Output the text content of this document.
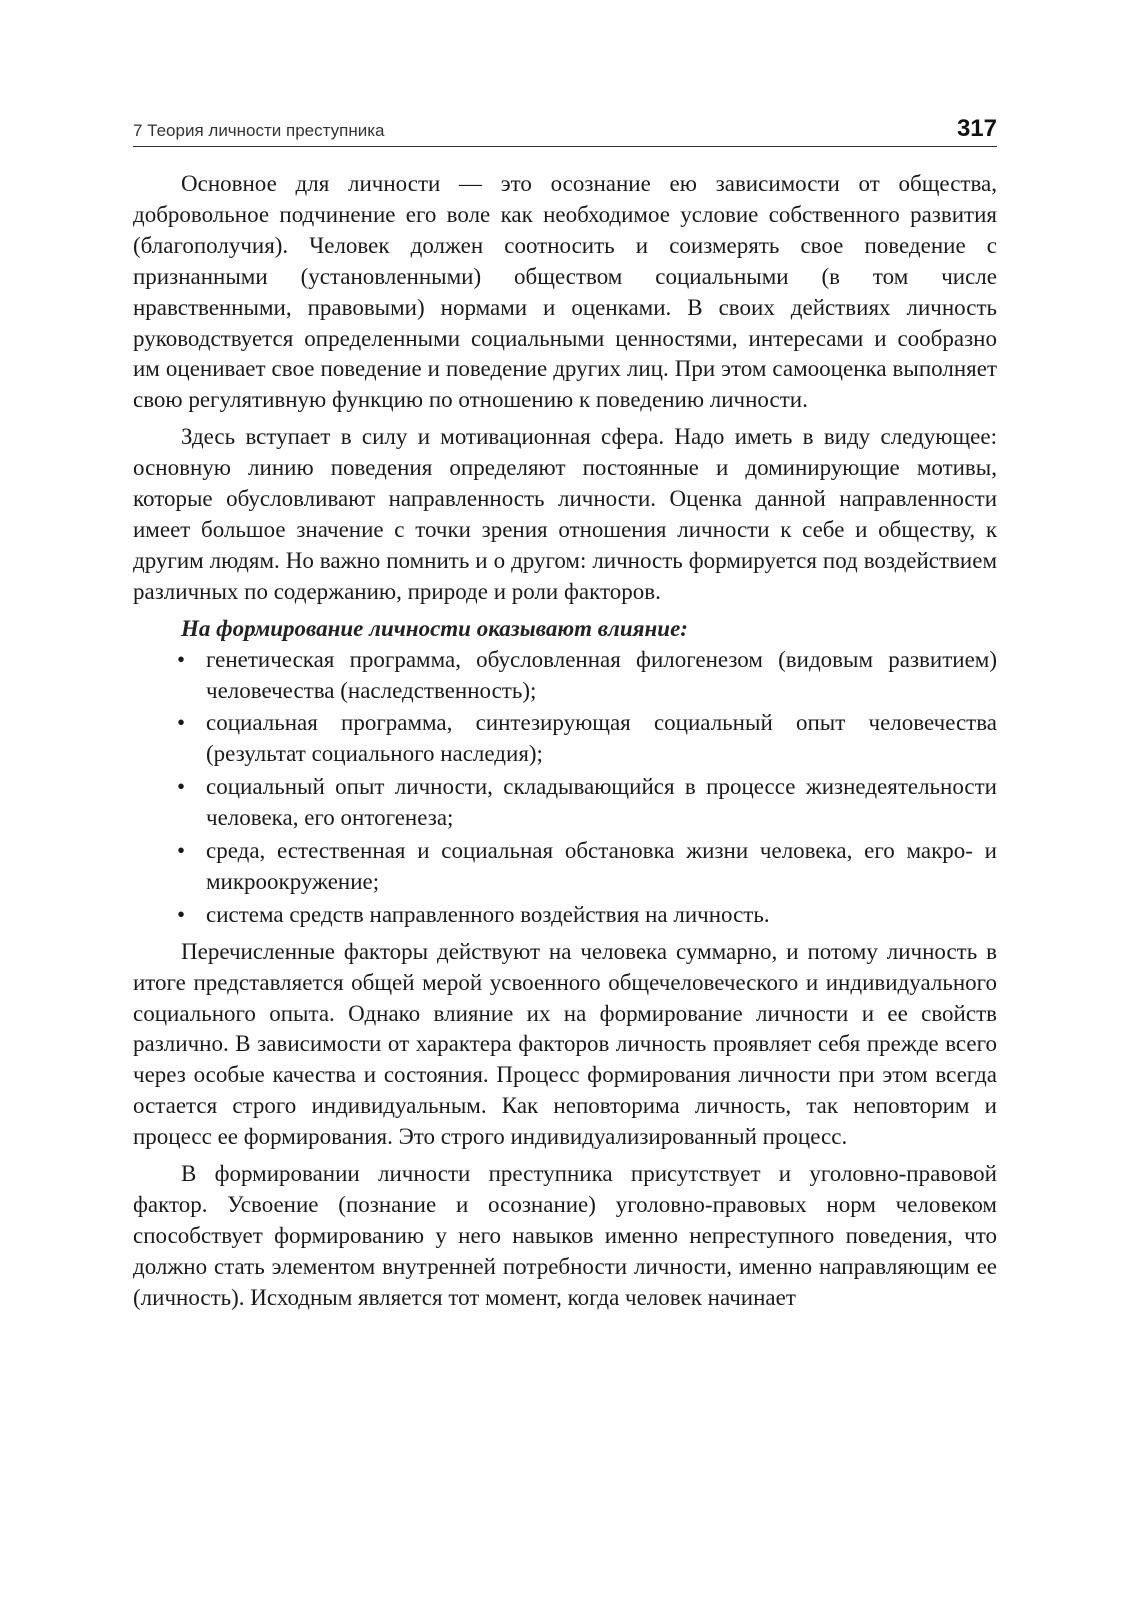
7 Теория личности преступника	317

Основное для личности — это осознание ею зависимости от общества, добровольное подчинение его воле как необходимое условие собственного развития (благополучия). Человек должен соотносить и соизмерять свое поведение с признанными (установленными) обществом социальными (в том числе нравственными, правовыми) нормами и оценками. В своих действиях личность руководствуется определенными социальными ценностями, интересами и сообразно им оценивает свое поведение и поведение других лиц. При этом самооценка выполняет свою регулятивную функцию по отношению к поведению личности.

Здесь вступает в силу и мотивационная сфера. Надо иметь в виду следующее: основную линию поведения определяют постоянные и доминирующие мотивы, которые обусловливают направленность личности. Оценка данной направленности имеет большое значение с точки зрения отношения личности к себе и обществу, к другим людям. Но важно помнить и о другом: личность формируется под воздействием различных по содержанию, природе и роли факторов.

На формирование личности оказывают влияние:

• генетическая программа, обусловленная филогенезом (видовым развитием) человечества (наследственность);
• социальная программа, синтезирующая социальный опыт человечества (результат социального наследия);
• социальный опыт личности, складывающийся в процессе жизнедеятельности человека, его онтогенеза;
• среда, естественная и социальная обстановка жизни человека, его макро- и микроокружение;
• система средств направленного воздействия на личность.

Перечисленные факторы действуют на человека суммарно, и потому личность в итоге представляется общей мерой усвоенного общечеловеческого и индивидуального социального опыта. Однако влияние их на формирование личности и ее свойств различно. В зависимости от характера факторов личность проявляет себя прежде всего через особые качества и состояния. Процесс формирования личности при этом всегда остается строго индивидуальным. Как неповторима личность, так неповторим и процесс ее формирования. Это строго индивидуализированный процесс.

В формировании личности преступника присутствует и уголовно-правовой фактор. Усвоение (познание и осознание) уголовно-правовых норм человеком способствует формированию у него навыков именно непреступного поведения, что должно стать элементом внутренней потребности личности, именно направляющим ее (личность). Исходным является тот момент, когда человек начинает
